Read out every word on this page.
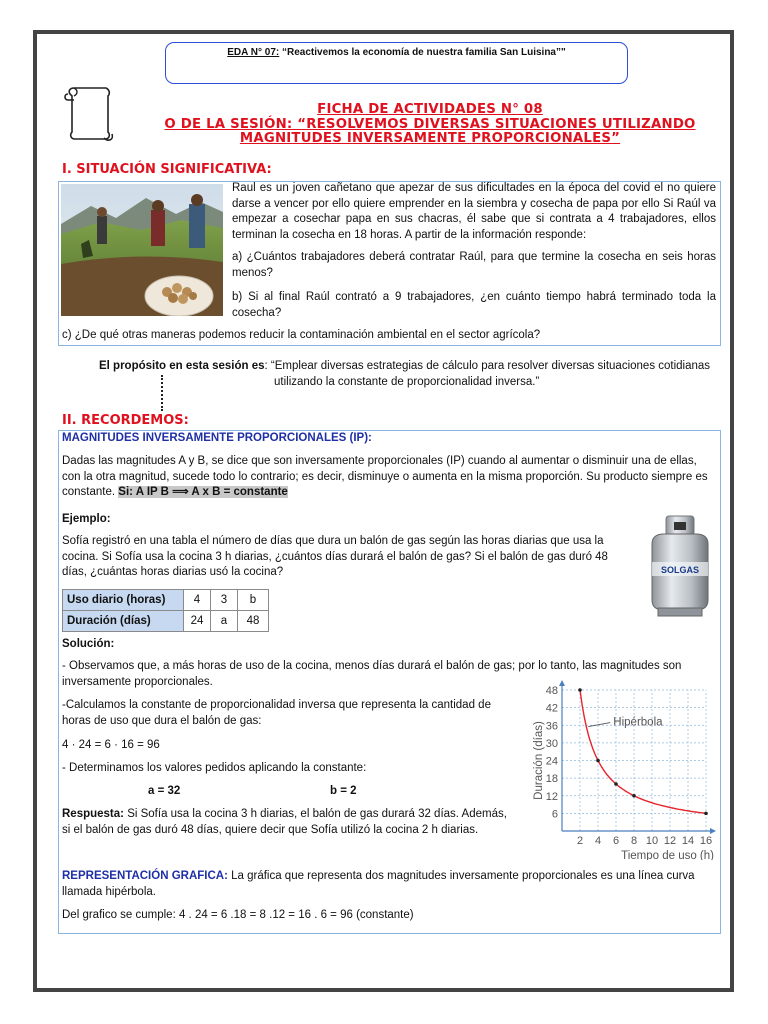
EDA N° 07: “Reactivemos la economía de nuestra familia San Luisina”"
FICHA DE ACTIVIDADES N° 08
O DE LA SESIÓN: “RESOLVEMOS DIVERSAS SITUACIONES UTILIZANDO
MAGNITUDES INVERSAMENTE PROPORCIONALES”
I. SITUACIÓN SIGNIFICATIVA:
Raul es un joven cañetano que apezar de sus dificultades en la época del covid el no quiere darse a vencer por ello quiere emprender en la siembra y cosecha de papa por ello Si Raúl va empezar a cosechar papa en sus chacras, él sabe que si contrata a 4 trabajadores, ellos terminan la cosecha en 18 horas. A partir de la información responde:
a) ¿Cuántos trabajadores deberá contratar Raúl, para que termine la cosecha en seis horas menos?
b) Si al final Raúl contrató a 9 trabajadores, ¿en cuánto tiempo habrá terminado toda la cosecha?
c) ¿De qué otras maneras podemos reducir la contaminación ambiental en el sector agrícola?
El propósito en esta sesión es: “Emplear diversas estrategias de cálculo para resolver diversas situaciones cotidianas
utilizando la constante de proporcionalidad inversa.”
II. RECORDEMOS:
MAGNITUDES INVERSAMENTE PROPORCIONALES (IP):
Dadas las magnitudes A y B, se dice que son inversamente proporcionales (IP) cuando al aumentar o disminuir una de ellas, con la otra magnitud, sucede todo lo contrario; es decir, disminuye o aumenta en la misma proporción. Su producto siempre es constante. Si: A IP B ⟹ A x B = constante
Ejemplo:
Sofía registró en una tabla el número de días que dura un balón de gas según las horas diarias que usa la cocina. Si Sofía usa la cocina 3 h diarias, ¿cuántos días durará el balón de gas? Si el balón de gas duró 48 días, ¿cuántas horas diarias usó la cocina?	SOLGAS
Uso diario (horas)	4	3	b
Duración (días)	24	a	48
Solución:
- Observamos que, a más horas de uso de la cocina, menos días durará el balón de gas; por lo tanto, las magnitudes son inversamente proporcionales.
-Calculamos la constante de proporcionalidad inversa que representa la cantidad de horas de uso que dura el balón de gas:
4 · 24 = 6 · 16 = 96
- Determinamos los valores pedidos aplicando la constante:
a = 32	b = 2
Respuesta: Si Sofía usa la cocina 3 h diarias, el balón de gas durará 32 días. Además, si el balón de gas duró 48 días, quiere decir que Sofía utilizó la cocina 2 h diarias.
6
12
18
24
30
36
42
48
2 4 6 8 10 12 14 16
Hipérbola
Duración (días)
Tiempo de uso (h)
REPRESENTACIÓN GRAFICA: La gráfica que representa dos magnitudes inversamente proporcionales es una línea curva llamada hipérbola.
Del grafico se cumple: 4 . 24 = 6 .18 = 8 .12 = 16 . 6 = 96 (constante)
